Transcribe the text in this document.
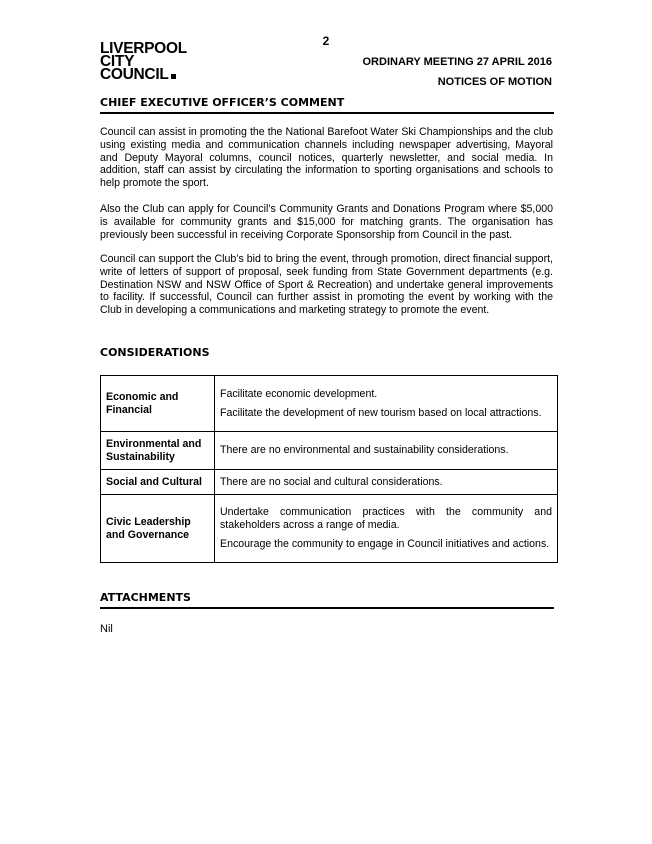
2
LIVERPOOL
CITY
COUNCIL
ORDINARY MEETING 27 APRIL 2016
NOTICES OF MOTION
CHIEF EXECUTIVE OFFICER’S COMMENT

Council can assist in promoting the the National Barefoot Water Ski Championships and the club using existing media and communication channels including newspaper advertising, Mayoral and Deputy Mayoral columns, council notices, quarterly newsletter, and social media. In addition, staff can assist by circulating the information to sporting organisations and schools to help promote the sport.

Also the Club can apply for Council’s Community Grants and Donations Program where $5,000 is available for community grants and $15,000 for matching grants. The organisation has previously been successful in receiving Corporate Sponsorship from Council in the past.

Council can support the Club’s bid to bring the event, through promotion, direct financial support, write of letters of support of proposal, seek funding from State Government departments (e.g. Destination NSW and NSW Office of Sport & Recreation) and undertake general improvements to facility. If successful, Council can further assist in promoting the event by working with the Club in developing a communications and marketing strategy to promote the event.

CONSIDERATIONS
Economic and Financial	Facilitate economic development.

Facilitate the development of new tourism based on local attractions.

Environmental and Sustainability	There are no environmental and sustainability considerations.

Social and Cultural	There are no social and cultural considerations.

Civic Leadership and Governance	Undertake communication practices with the community and stakeholders across a range of media.

Encourage the community to engage in Council initiatives and actions.

ATTACHMENTS
Nil
